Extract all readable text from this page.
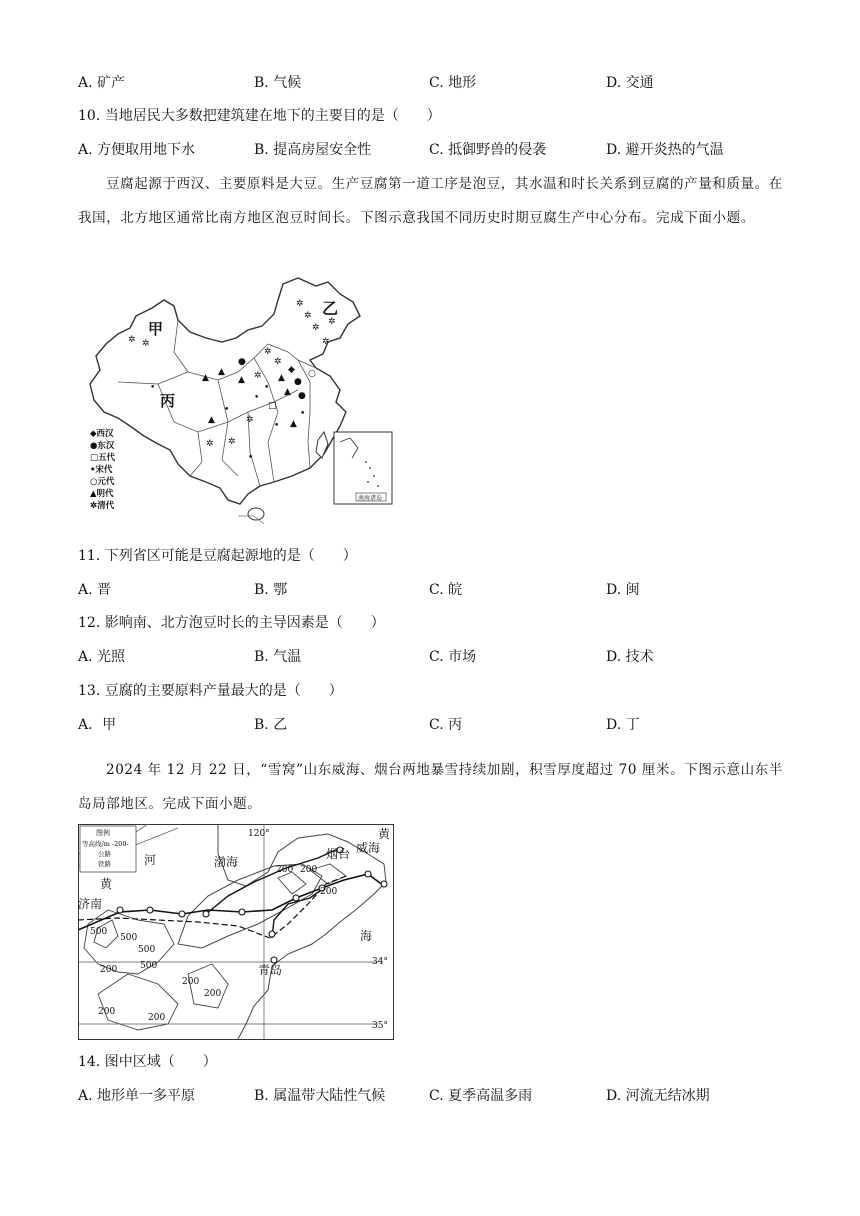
A. 矿产	B. 气候	C. 地形	D. 交通
10. 当地居民大多数把建筑建在地下的主要目的是（　　）
A. 方便取用地下水	B. 提高房屋安全性	C. 抵御野兽的侵袭	D. 避开炎热的气温
豆腐起源于西汉、主要原料是大豆。生产豆腐第一道工序是泡豆，其水温和时长关系到豆腐的产量和质量。在我国，北方地区通常比南方地区泡豆时间长。下图示意我国不同历史时期豆腐生产中心分布。完成下面小题。
✲ ✲
✲
✲
✲
✲
✲
✲
✲
✲
▲
▲
●
▲
◆
●
▲ ●
○
•
□
✲
•
▲
• ▲
•
✲
✲
•
•
▲
•
甲
乙
丙
◆西汉
●东汉
□五代
•宋代
○元代
▲明代
✲清代
南海诸岛
11. 下列省区可能是豆腐起源地的是（　　）
A. 晋	B. 鄂	C. 皖	D. 闽
12. 影响南、北方泡豆时长的主导因素是（　　）
A. 光照	B. 气温	C. 市场	D. 技术
13. 豆腐的主要原料产量最大的是（　　）
A．甲	B. 乙	C. 丙	D. 丁
2024 年 12 月 22 日，“雪窝”山东威海、烟台两地暴雪持续加剧，积雪厚度超过 70 厘米。下图示意山东半岛局部地区。完成下面小题。
图例
等高线/m -200-
公路
铁路	河	渤海
烟台 威海
黄
黄
济南
海
青岛
120°
34°
35°
500
500
500
500
200 200
200
200
200
200
200
200
14. 图中区域（　　）
A. 地形单一多平原	B. 属温带大陆性气候	C. 夏季高温多雨	D. 河流无结冰期
